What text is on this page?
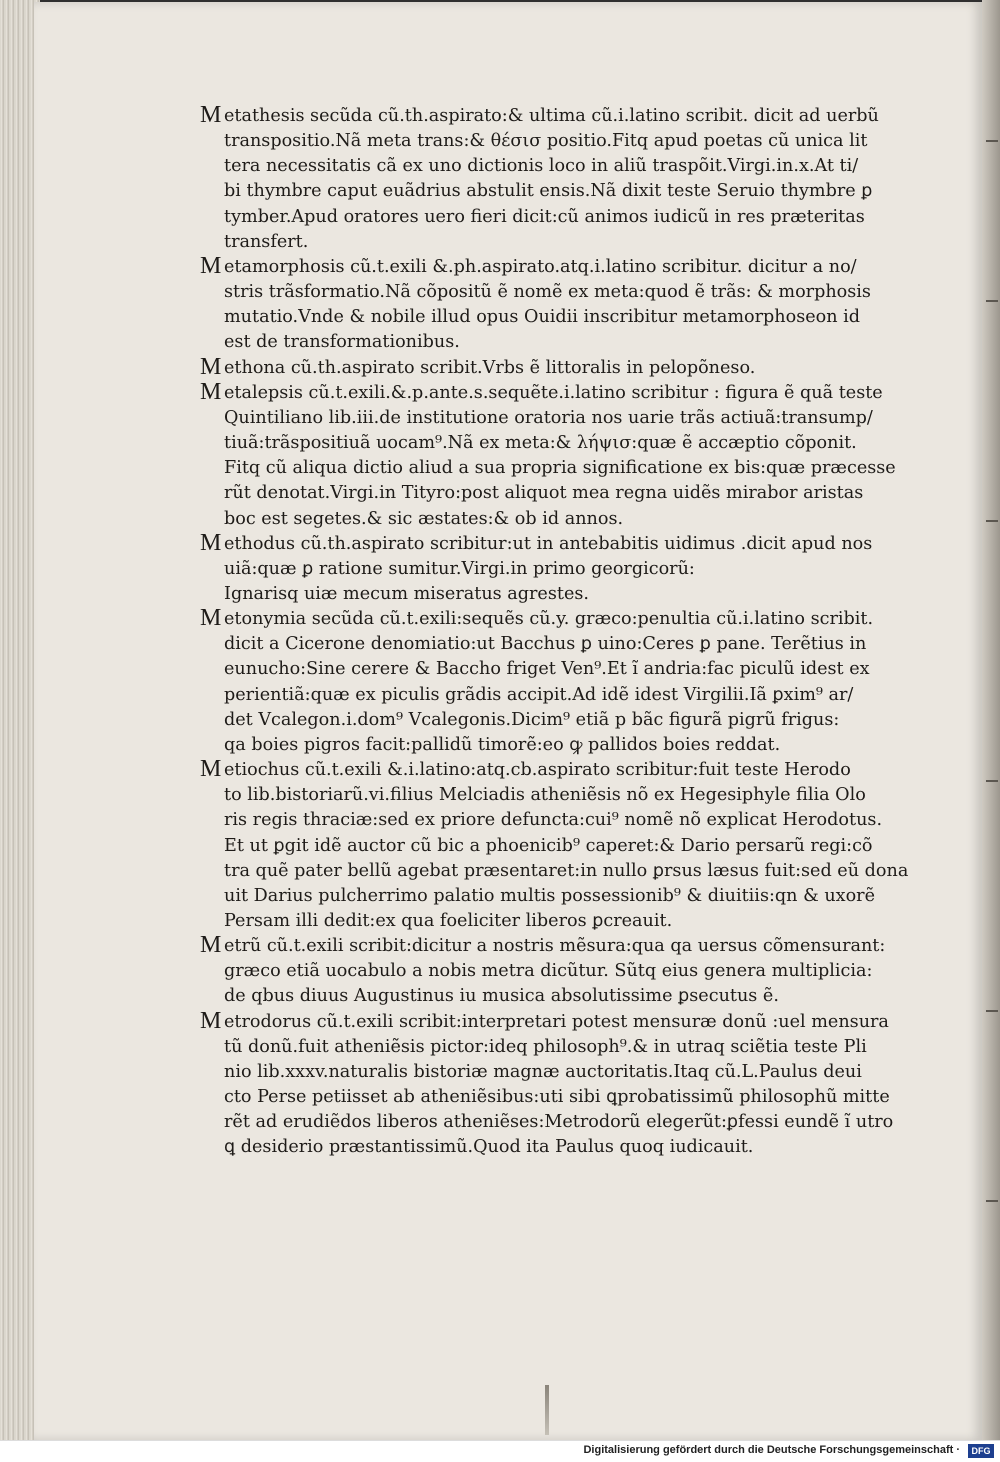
M etathesis secũda cũ.th.aspirato:& ultima cũ.i.latino scribit. dicit ad uerbũ
transpositio.Nã meta trans:& θέσισ positio.Fitq apud poetas cũ unica lit
tera necessitatis cã ex uno dictionis loco in aliũ traspõit.Virgi.in.x.At ti/
bi thymbre caput euãdrius abstulit ensis.Nã dixit teste Seruio thymbre ꝑ
tymber.Apud oratores uero fieri dicit:cũ animos iudicũ in res præteritas
transfert.
M etamorphosis cũ.t.exili &.ph.aspirato.atq.i.latino scribitur. dicitur a no/
stris trãsformatio.Nã cõpositũ ẽ nomẽ ex meta:quod ẽ trãs: & morphosis
mutatio.Vnde & nobile illud opus Ouidii inscribitur metamorphoseon id
est de transformationibus.
M ethona cũ.th.aspirato scribit.Vrbs ẽ littoralis in pelopõneso.
M etalepsis cũ.t.exili.&.p.ante.s.sequẽte.i.latino scribitur : figura ẽ quã teste
Quintiliano lib.iii.de institutione oratoria nos uarie trãs actiuã:transump/
tiuã:trãspositiuã uocam⁹.Nã ex meta:& λήψισ:quæ ẽ accæptio cõponit.
Fitq cũ aliqua dictio aliud a sua propria significatione ex bis:quæ præcesse
rũt denotat.Virgi.in Tityro:post aliquot mea regna uidẽs mirabor aristas
boc est segetes.& sic æstates:& ob id annos.
M ethodus cũ.th.aspirato scribitur:ut in antebabitis uidimus .dicit apud nos
uiã:quæ ꝑ ratione sumitur.Virgi.in primo georgicorũ:
Ignarisq uiæ mecum miseratus agrestes.
M etonymia secũda cũ.t.exili:sequẽs cũ.y. græco:penultia cũ.i.latino scribit.
dicit a Cicerone denomiatio:ut Bacchus ꝑ uino:Ceres ꝑ pane. Terẽtius in
eunucho:Sine cerere & Baccho friget Ven⁹.Et ĩ andria:fac piculũ idest ex
perientiã:quæ ex piculis grãdis accipit.Ad idẽ idest Virgilii.Iã ꝑxim⁹ ar/
det Vcalegon.i.dom⁹ Vcalegonis.Dicim⁹ etiã p bãc figurã pigrũ frigus:
qa boies pigros facit:pallidũ timorẽ:eo ꝙ pallidos boies reddat.
M etiochus cũ.t.exili &.i.latino:atq.cb.aspirato scribitur:fuit teste Herodo
to lib.bistoriarũ.vi.filius Melciadis atheniẽsis nõ ex Hegesiphyle filia Olo
ris regis thraciæ:sed ex priore defuncta:cui⁹ nomẽ nõ explicat Herodotus.
Et ut ꝑgit idẽ auctor cũ bic a phoenicib⁹ caperet:& Dario persarũ regi:cõ
tra quẽ pater bellũ agebat præsentaret:in nullo ꝑrsus læsus fuit:sed eũ dona
uit Darius pulcherrimo palatio multis possessionib⁹ & diuitiis:qn & uxorẽ
Persam illi dedit:ex qua foeliciter liberos ꝑcreauit.
M etrũ cũ.t.exili scribit:dicitur a nostris mẽsura:qua qa uersus cõmensurant:
græco etiã uocabulo a nobis metra dicũtur. Sũtq eius genera multiplicia:
de qbus diuus Augustinus iu musica absolutissime ꝑsecutus ẽ.
M etrodorus cũ.t.exili scribit:interpretari potest mensuræ donũ :uel mensura
tũ donũ.fuit atheniẽsis pictor:ideq philosoph⁹.& in utraq sciẽtia teste Pli
nio lib.xxxv.naturalis bistoriæ magnæ auctoritatis.Itaq cũ.L.Paulus deui
cto Perse petiisset ab atheniẽsibus:uti sibi ꝗprobatissimũ philosophũ mitte
rẽt ad erudiẽdos liberos atheniẽses:Metrodorũ elegerũt:ꝑfessi eundẽ ĩ utro
ꝗ desiderio præstantissimũ.Quod ita Paulus quoq iudicauit.
Digitalisierung gefördert durch die Deutsche Forschungsgemeinschaft ·	DFG
